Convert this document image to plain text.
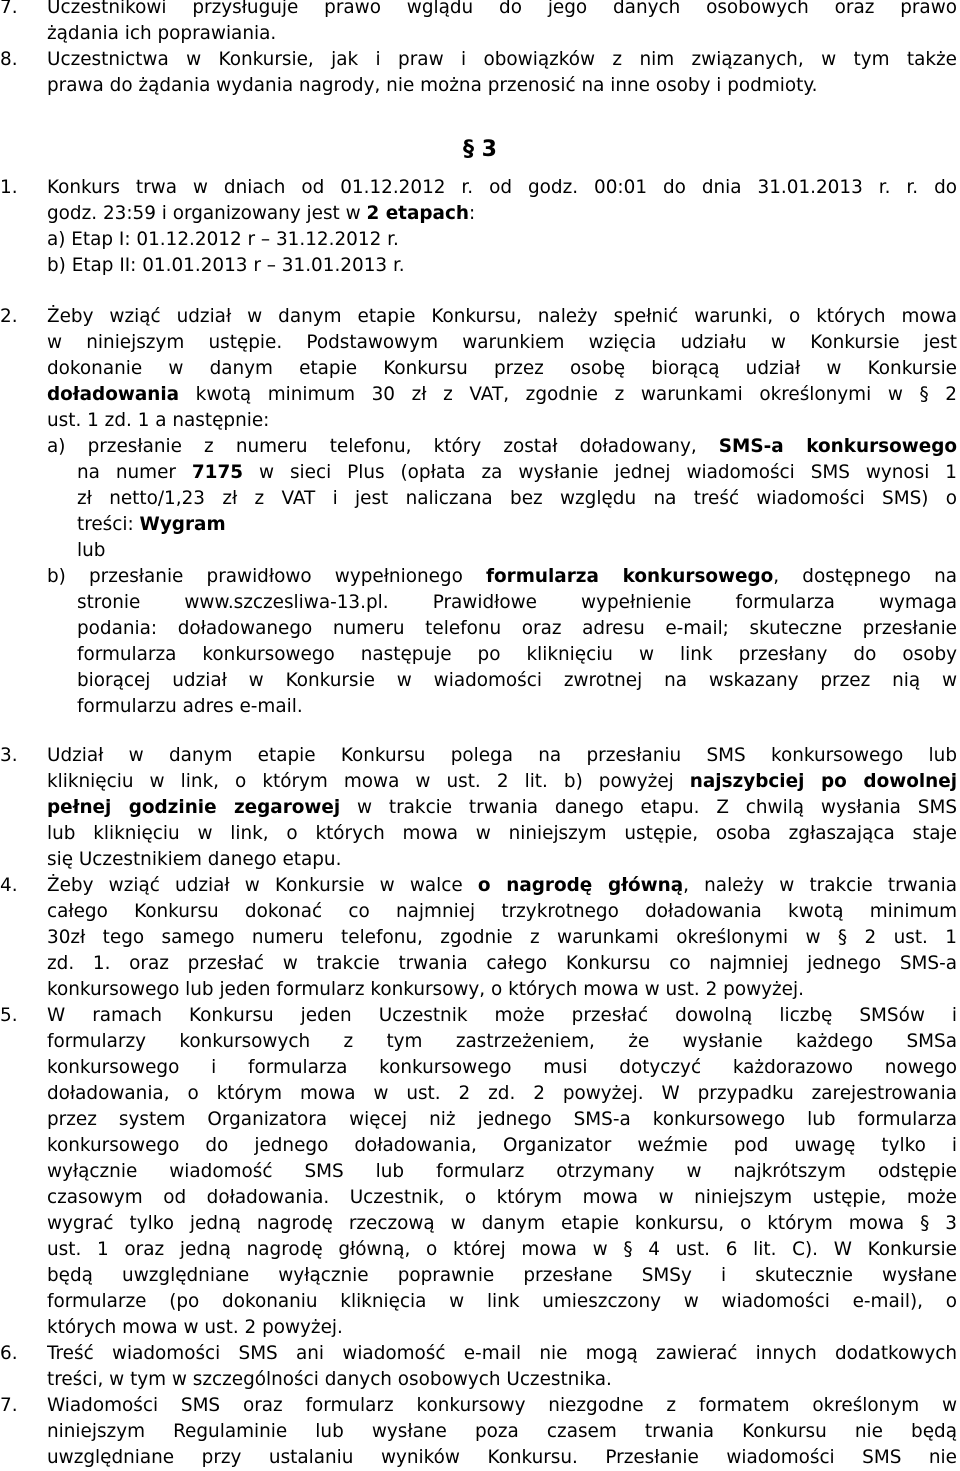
§ 3
7. Uczestnikowi przysługuje prawo wglądu do jego danych osobowych oraz prawo
żądania ich poprawiania.
8. Uczestnictwa w Konkursie, jak i praw i obowiązków z nim związanych, w tym także
prawa do żądania wydania nagrody, nie można przenosić na inne osoby i podmioty.
1. Konkurs trwa w dniach od 01.12.2012 r. od godz. 00:01 do dnia 31.01.2013 r. r. do
godz. 23:59 i organizowany jest w 2 etapach:
a) Etap I: 01.12.2012 r – 31.12.2012 r.
b) Etap II: 01.01.2013 r – 31.01.2013 r.
2. Żeby wziąć udział w danym etapie Konkursu, należy spełnić warunki, o których mowa
w niniejszym ustępie. Podstawowym warunkiem wzięcia udziału w Konkursie jest
dokonanie w danym etapie Konkursu przez osobę biorącą udział w Konkursie
doładowania kwotą minimum 30 zł z VAT, zgodnie z warunkami określonymi w § 2
ust. 1 zd. 1 a następnie:
a) przesłanie z numeru telefonu, który został doładowany, SMS-a konkursowego
na numer 7175 w sieci Plus (opłata za wysłanie jednej wiadomości SMS wynosi 1
zł netto/1,23 zł z VAT i jest naliczana bez względu na treść wiadomości SMS) o
treści: Wygram
lub
b) przesłanie prawidłowo wypełnionego formularza konkursowego, dostępnego na
stronie www.szczesliwa-13.pl. Prawidłowe wypełnienie formularza wymaga
podania: doładowanego numeru telefonu oraz adresu e-mail; skuteczne przesłanie
formularza konkursowego następuje po kliknięciu w link przesłany do osoby
biorącej udział w Konkursie w wiadomości zwrotnej na wskazany przez nią w
formularzu adres e-mail.
3. Udział w danym etapie Konkursu polega na przesłaniu SMS konkursowego lub
kliknięciu w link, o którym mowa w ust. 2 lit. b) powyżej najszybciej po dowolnej
pełnej godzinie zegarowej w trakcie trwania danego etapu. Z chwilą wysłania SMS
lub kliknięciu w link, o których mowa w niniejszym ustępie, osoba zgłaszająca staje
się Uczestnikiem danego etapu.
4. Żeby wziąć udział w Konkursie w walce o nagrodę główną, należy w trakcie trwania
całego Konkursu dokonać co najmniej trzykrotnego doładowania kwotą minimum
30zł tego samego numeru telefonu, zgodnie z warunkami określonymi w § 2 ust. 1
zd. 1. oraz przesłać w trakcie trwania całego Konkursu co najmniej jednego SMS-a
konkursowego lub jeden formularz konkursowy, o których mowa w ust. 2 powyżej.
5. W ramach Konkursu jeden Uczestnik może przesłać dowolną liczbę SMSów i
formularzy konkursowych z tym zastrzeżeniem, że wysłanie każdego SMSa
konkursowego i formularza konkursowego musi dotyczyć każdorazowo nowego
doładowania, o którym mowa w ust. 2 zd. 2 powyżej. W przypadku zarejestrowania
przez system Organizatora więcej niż jednego SMS-a konkursowego lub formularza
konkursowego do jednego doładowania, Organizator weźmie pod uwagę tylko i
wyłącznie wiadomość SMS lub formularz otrzymany w najkrótszym odstępie
czasowym od doładowania. Uczestnik, o którym mowa w niniejszym ustępie, może
wygrać tylko jedną nagrodę rzeczową w danym etapie konkursu, o którym mowa § 3
ust. 1 oraz jedną nagrodę główną, o której mowa w § 4 ust. 6 lit. C). W Konkursie
będą uwzględniane wyłącznie poprawnie przesłane SMSy i skutecznie wysłane
formularze (po dokonaniu kliknięcia w link umieszczony w wiadomości e-mail), o
których mowa w ust. 2 powyżej.
6. Treść wiadomości SMS ani wiadomość e-mail nie mogą zawierać innych dodatkowych
treści, w tym w szczególności danych osobowych Uczestnika.
7. Wiadomości SMS oraz formularz konkursowy niezgodne z formatem określonym w
niniejszym Regulaminie lub wysłane poza czasem trwania Konkursu nie będą
uwzględniane przy ustalaniu wyników Konkursu. Przesłanie wiadomości SMS nie
